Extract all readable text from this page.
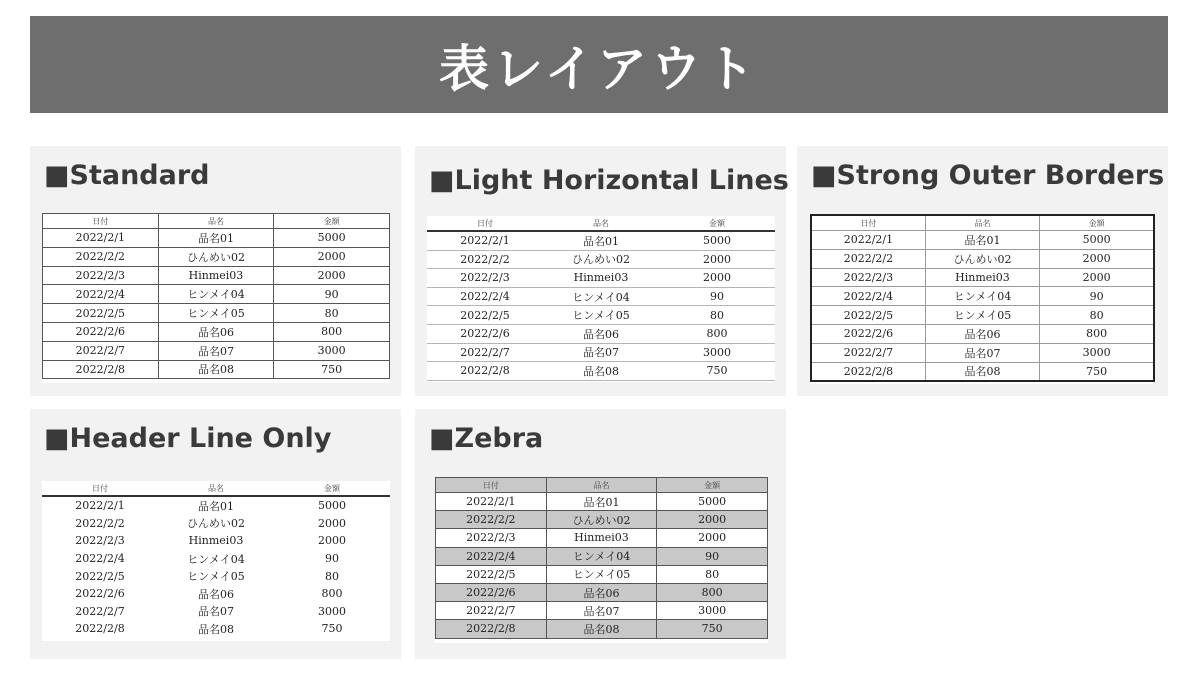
表レイアウト
■Standard
日付	品名	金額
2022/2/1	品名01	5000
2022/2/2	ひんめい02	2000
2022/2/3	Hinmei03	2000
2022/2/4	ヒンメイ04	90
2022/2/5	ヒンメイ05	80
2022/2/6	品名06	800
2022/2/7	品名07	3000
2022/2/8	品名08	750
■Light Horizontal Lines
日付	品名	金額
2022/2/1	品名01	5000
2022/2/2	ひんめい02	2000
2022/2/3	Hinmei03	2000
2022/2/4	ヒンメイ04	90
2022/2/5	ヒンメイ05	80
2022/2/6	品名06	800
2022/2/7	品名07	3000
2022/2/8	品名08	750
■Strong Outer Borders
日付	品名	金額
2022/2/1	品名01	5000
2022/2/2	ひんめい02	2000
2022/2/3	Hinmei03	2000
2022/2/4	ヒンメイ04	90
2022/2/5	ヒンメイ05	80
2022/2/6	品名06	800
2022/2/7	品名07	3000
2022/2/8	品名08	750
■Header Line Only
日付	品名	金額
2022/2/1	品名01	5000
2022/2/2	ひんめい02	2000
2022/2/3	Hinmei03	2000
2022/2/4	ヒンメイ04	90
2022/2/5	ヒンメイ05	80
2022/2/6	品名06	800
2022/2/7	品名07	3000
2022/2/8	品名08	750
■Zebra
日付	品名	金額
2022/2/1	品名01	5000
2022/2/2	ひんめい02	2000
2022/2/3	Hinmei03	2000
2022/2/4	ヒンメイ04	90
2022/2/5	ヒンメイ05	80
2022/2/6	品名06	800
2022/2/7	品名07	3000
2022/2/8	品名08	750
